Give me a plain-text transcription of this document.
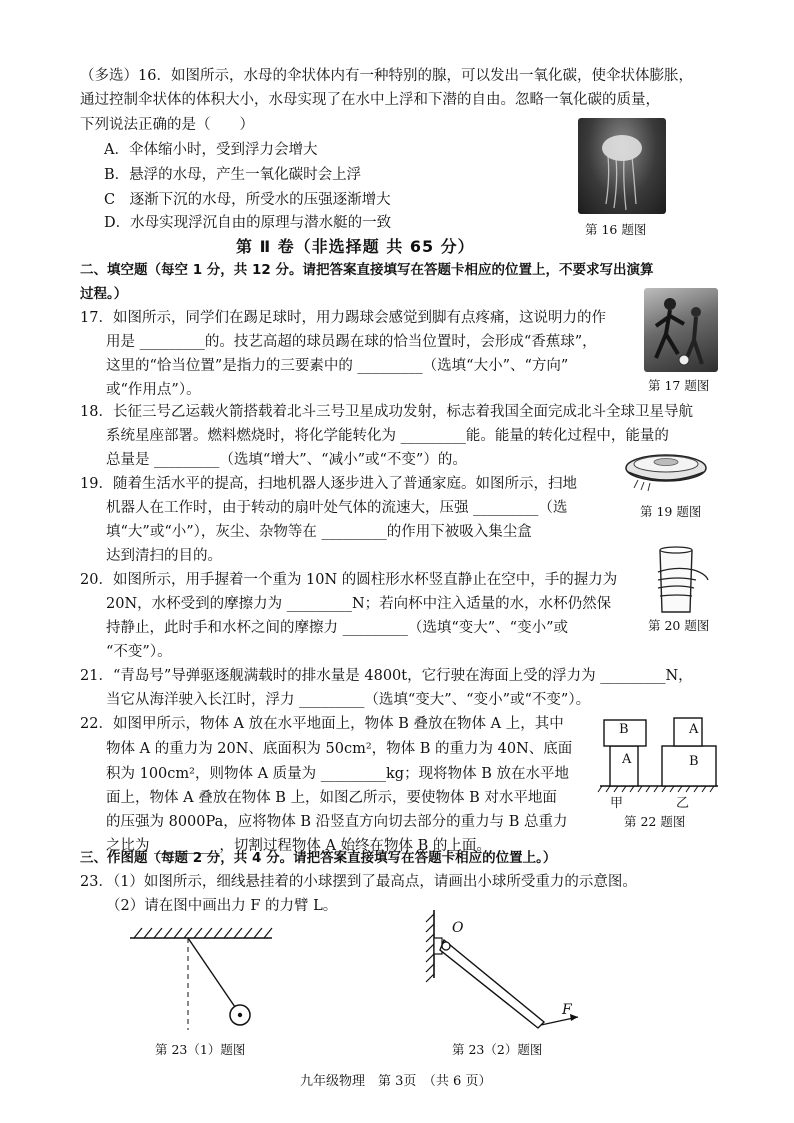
（多选）16．如图所示，水母的伞状体内有一种特别的腺，可以发出一氧化碳，使伞状体膨胀，
通过控制伞状体的体积大小，水母实现了在水中上浮和下潜的自由。忽略一氧化碳的质量，
下列说法正确的是（　　）
A．伞体缩小时，受到浮力会增大
B．悬浮的水母，产生一氧化碳时会上浮
C　逐渐下沉的水母，所受水的压强逐渐增大
D．水母实现浮沉自由的原理与潜水艇的一致	第 16 题图
第 Ⅱ 卷（非选择题 共 65 分）
二、填空题（每空 1 分，共 12 分。请把答案直接填写在答题卡相应的位置上，不要求写出演算
过程。）
17．如图所示，同学们在踢足球时，用力踢球会感觉到脚有点疼痛，这说明力的作
用是 _________的。技艺高超的球员踢在球的恰当位置时，会形成“香蕉球”，
这里的“恰当位置”是指力的三要素中的 _________（选填“大小”、“方向”
或“作用点”）。	第 17 题图
18．长征三号乙运载火箭搭载着北斗三号卫星成功发射，标志着我国全面完成北斗全球卫星导航
系统星座部署。燃料燃烧时，将化学能转化为 _________能。能量的转化过程中，能量的
总量是 _________（选填“增大”、“减小”或“不变”）的。
19．随着生活水平的提高，扫地机器人逐步进入了普通家庭。如图所示，扫地
机器人在工作时，由于转动的扇叶处气体的流速大，压强 _________（选
填“大”或“小”），灰尘、杂物等在 _________的作用下被吸入集尘盒
达到清扫的目的。
第 19 题图
20．如图所示，用手握着一个重为 10N 的圆柱形水杯竖直静止在空中，手的握力为
20N，水杯受到的摩擦力为 _________N；若向杯中注入适量的水，水杯仍然保
持静止，此时手和水杯之间的摩擦力 _________（选填“变大”、“变小”或
“不变”）。
第 20 题图
21．“青岛号”导弹驱逐舰满载时的排水量是 4800t，它行驶在海面上受的浮力为 _________N，
当它从海洋驶入长江时，浮力 _________（选填“变大”、“变小”或“不变”）。
22．如图甲所示，物体 A 放在水平地面上，物体 B 叠放在物体 A 上，其中
物体 A 的重力为 20N、底面积为 50cm²，物体 B 的重力为 40N、底面
积为 100cm²，则物体 A 质量为 _________kg；现将物体 B 放在水平地
面上，物体 A 叠放在物体 B 上，如图乙所示，要使物体 B 对水平地面
的压强为 8000Pa，应将物体 B 沿竖直方向切去部分的重力与 B 总重力
之比为 _________，切割过程物体 A 始终在物体 B 的上面。
B
A
A
B
甲	乙
第 22 题图
三、作图题（每题 2 分，共 4 分。请把答案直接填写在答题卡相应的位置上。）
23．（1）如图所示，细线悬挂着的小球摆到了最高点，请画出小球所受重力的示意图。
（2）请在图中画出力 F 的力臂 L。
第 23（1）题图
O
F
第 23（2）题图
九年级物理　第 3页　（共 6 页）
